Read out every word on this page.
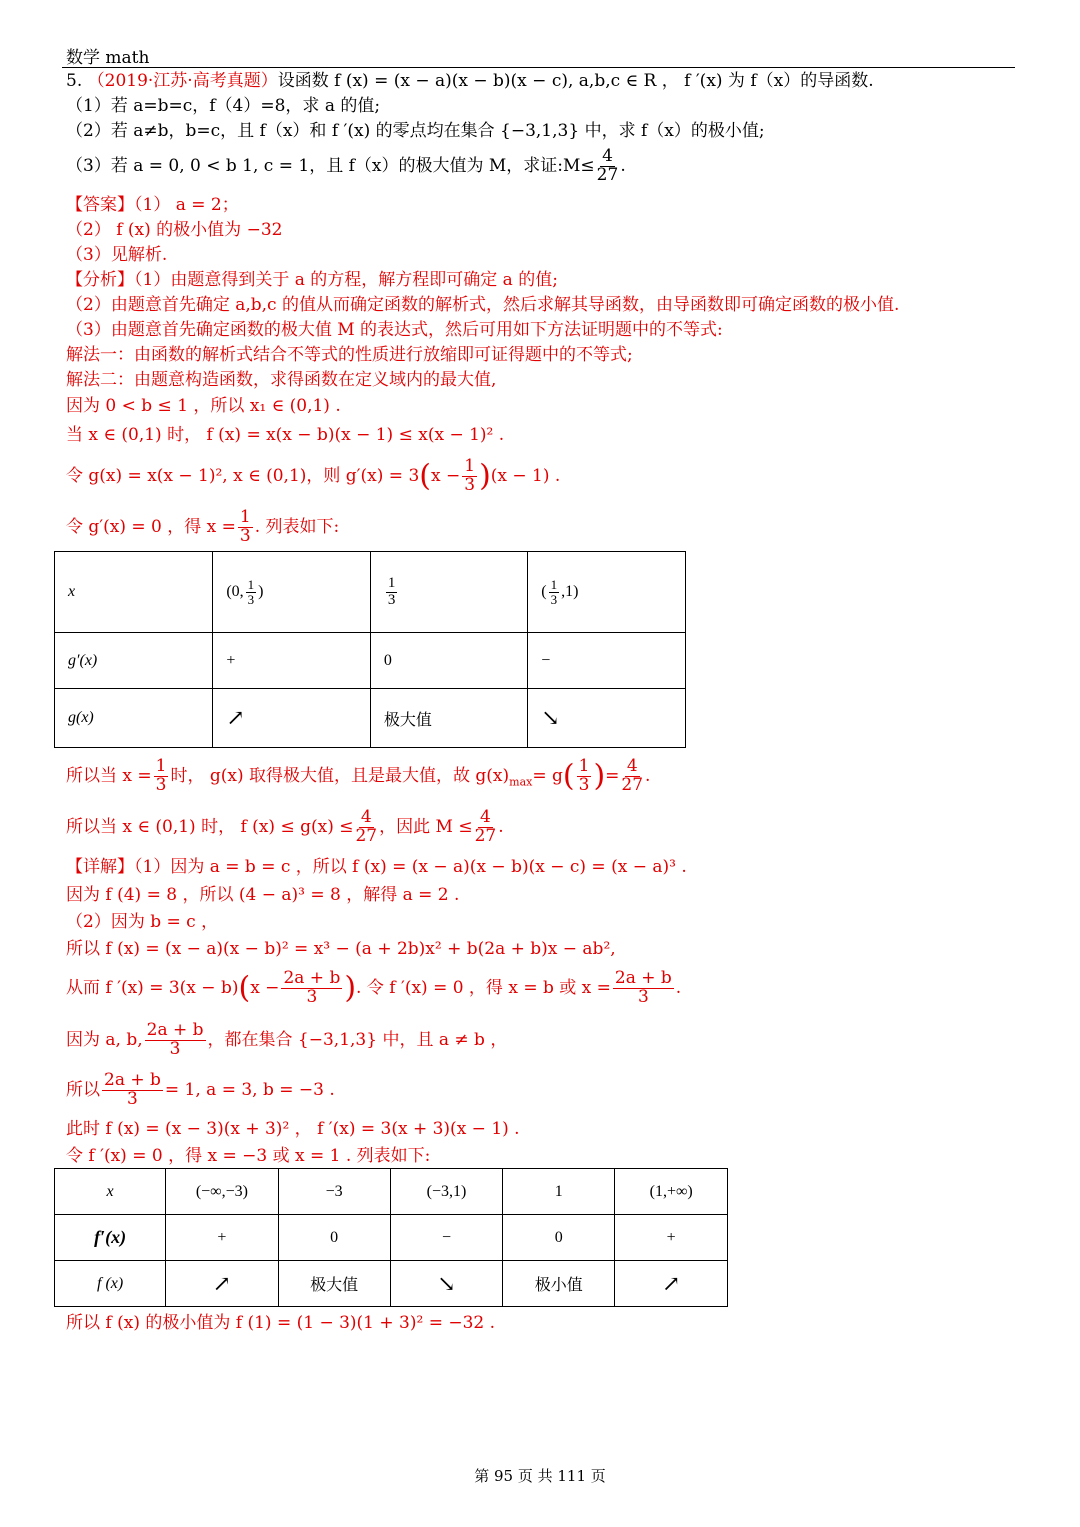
数学 math
5. （2019·江苏·高考真题）设函数 f (x) = (x − a)(x − b)(x − c), a,b,c ∈ R ， f ′(x) 为 f（x）的导函数.
（1）若 a=b=c，f（4）=8，求 a 的值;
（2）若 a≠b，b=c，且 f（x）和 f ′(x) 的零点均在集合 {−3,1,3} 中，求 f（x）的极小值;
（3）若 a = 0, 0 < b 1, c = 1，且 f（x）的极大值为 M，求证:M≤ $\frac{4}{27}$ .
【答案】（1） a = 2；
（2） f (x) 的极小值为 −32
（3）见解析.
【分析】（1）由题意得到关于 a 的方程，解方程即可确定 a 的值;
（2）由题意首先确定 a,b,c 的值从而确定函数的解析式，然后求解其导函数，由导函数即可确定函数的极小值.
（3）由题意首先确定函数的极大值 M 的表达式，然后可用如下方法证明题中的不等式:
解法一：由函数的解析式结合不等式的性质进行放缩即可证得题中的不等式;
解法二：由题意构造函数，求得函数在定义域内的最大值,
因为 0 < b ≤ 1 ，所以 x₁ ∈ (0,1) .
当 x ∈ (0,1) 时， f (x) = x(x − b)(x − 1) ≤ x(x − 1)² .
令 g(x) = x(x − 1)², x ∈ (0,1)，则 $g'(x) = 3(x - \frac{1}{3} )(x - 1)$ .
令 g′(x) = 0 ，得 $x = \frac{1}{3}$ . 列表如下:
x	(0, $\frac{1}{3}$ )	$\frac{1}{3}$	( $\frac{1}{3} ,1$)
g′(x)	+	0	−
g(x)	↗	极大值	↘
所以当 $x = \frac{1}{3}$ 时， g(x) 取得极大值，且是最大值，故 $g(x)_{max}= g( \frac{1}{3}$ )= $\frac{4}{27}$ .
所以当 x ∈ (0,1) 时， f $(x) \le g(x) \le \frac{4}{27}$ ，因此 $M \le \frac{4}{27}$ .
【详解】（1）因为 a = b = c ，所以 f (x) = (x − a)(x − b)(x − c) = (x − a)³ .
因为 f (4) = 8 ，所以 (4 − a)³ = 8 ，解得 a = 2 .
（2）因为 b = c ，
所以 f (x) = (x − a)(x − b)² = x³ − (a + 2b)x² + b(2a + b)x − ab²,
从而 f $'(x) = 3(x - b)(x - \frac{2a + b}{3}$ ). 令 f ′(x) = 0 ，得 x = b 或 $x = \frac{2a + b}{3}$ .
因为 a, b, $\frac{2a + b}{3}$ ，都在集合 {−3,1,3} 中，且 a ≠ b ，
所以 $\frac{2a + b}{3} = 1$, a = 3, b = −3 .
此时 f (x) = (x − 3)(x + 3)² ， f ′(x) = 3(x + 3)(x − 1) .
令 f ′(x) = 0 ，得 x = −3 或 x = 1 . 列表如下:
x	(−∞,−3)	−3	(−3,1)	1	(1,+∞)
f′(x)	+	0	−	0	+
f (x)	↗	极大值	↘	极小值	↗
所以 f (x) 的极小值为 f (1) = (1 − 3)(1 + 3)² = −32 .
第 95 页 共 111 页
